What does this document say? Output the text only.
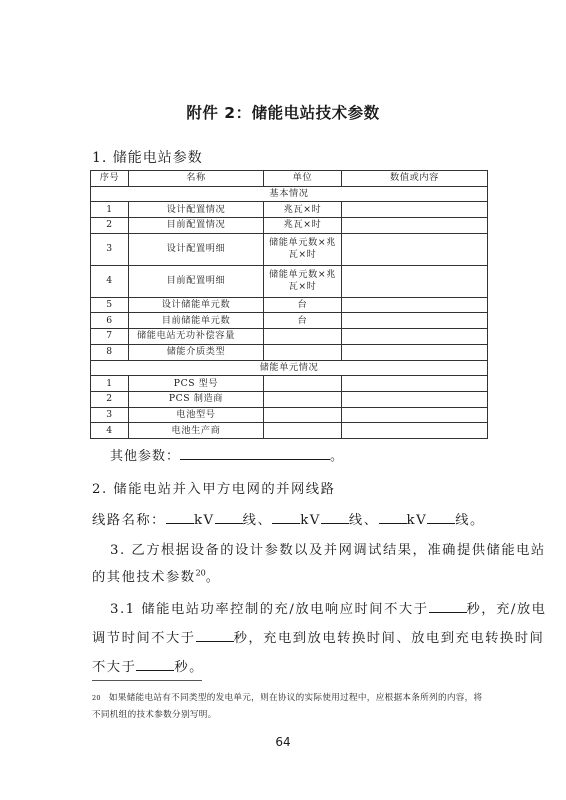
附件 2：储能电站技术参数
1. 储能电站参数
序号	名称	单位	数值或内容
基本情况			
1	设计配置情况	兆瓦×时	
2	目前配置情况	兆瓦×时	
3	设计配置明细	储能单元数×兆瓦×时	
4	目前配置明细	储能单元数×兆瓦×时	
5	设计储能单元数	台	
6	目前储能单元数	台	
7	储能电站无功补偿容量		
8	储能介质类型		
储能单元情况			
1	PCS 型号		
2	PCS 制造商		
3	电池型号		
4	电池生产商		
其他参数：	。
2. 储能电站并入甲方电网的并网线路
线路名称： kV 线、 kV 线、 kV 线。
3. 乙方根据设备的设计参数以及并网调试结果，准确提供储能电站
的其他技术参数$^{20}$。
3.1 储能电站功率控制的充/放电响应时间不大于	秒，充/放电
调节时间不大于	秒，充电到放电转换时间、放电到充电转换时间
不大于	秒。
$^{20}$ 如果储能电站有不同类型的发电单元，则在协议的实际使用过程中，应根据本条所列的内容，将
不同机组的技术参数分别写明。
64
